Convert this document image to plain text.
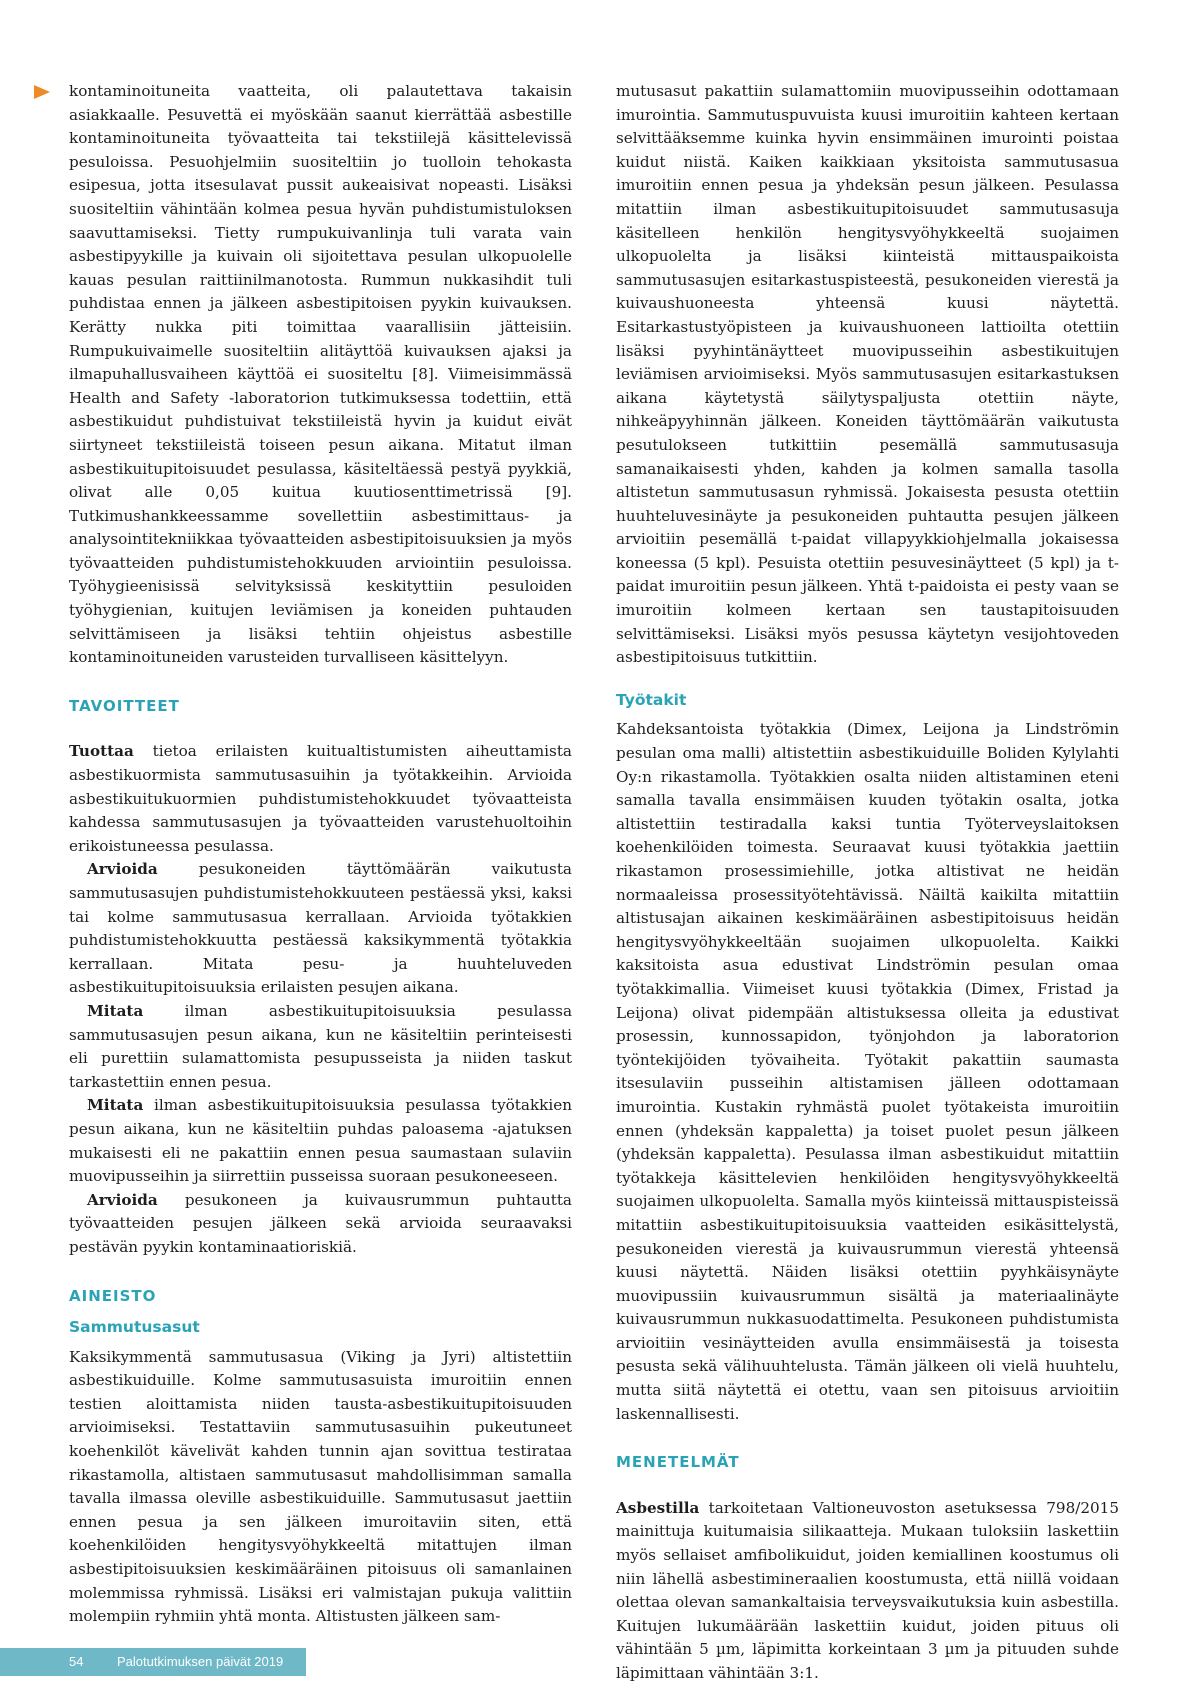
kontaminoituneita vaatteita, oli palautettava takaisin asiakkaalle. Pesuvettä ei myöskään saanut kierrättää asbestille kontaminoituneita työvaatteita tai tekstiilejä käsittelevissä pesuloissa. Pesuohjelmiin suositeltiin jo tuolloin tehokasta esipesua, jotta itsesulavat pussit aukeaisivat nopeasti. Lisäksi suositeltiin vähintään kolmea pesua hyvän puhdistumistuloksen saavuttamiseksi. Tietty rumpukuivanlinja tuli varata vain asbestipyykille ja kuivain oli sijoitettava pesulan ulkopuolelle kauas pesulan raittiinilmanotosta. Rummun nukkasihdit tuli puhdistaa ennen ja jälkeen asbestipitoisen pyykin kuivauksen. Kerätty nukka piti toimittaa vaarallisiin jätteisiin. Rumpukuivaimelle suositeltiin alitäyttöä kuivauksen ajaksi ja ilmapuhallusvaiheen käyttöä ei suositeltu [8]. Viimeisimmässä Health and Safety -laboratorion tutkimuksessa todettiin, että asbestikuidut puhdistuivat tekstiileistä hyvin ja kuidut eivät siirtyneet tekstiileistä toiseen pesun aikana. Mitatut ilman asbestikuitupitoisuudet pesulassa, käsiteltäessä pestyä pyykkiä, olivat alle 0,05 kuitua kuutiosenttimetrissä [9]. Tutkimushankkeessamme sovellettiin asbestimittaus- ja analysointitekniikkaa työvaatteiden asbestipitoisuuksien ja myös työvaatteiden puhdistumistehokkuuden arviointiin pesuloissa. Työhygieenisissä selvityksissä keskityttiin pesuloiden työhygienian, kuitujen leviämisen ja koneiden puhtauden selvittämiseen ja lisäksi tehtiin ohjeistus asbestille kontaminoituneiden varusteiden turvalliseen käsittelyyn.

TAVOITTEET

Tuottaa tietoa erilaisten kuitualtistumisten aiheuttamista asbestikuormista sammutusasuihin ja työtakkeihin. Arvioida asbestikuitukuormien puhdistumistehokkuudet työvaatteista kahdessa sammutusasujen ja työvaatteiden varustehuoltoihin erikoistuneessa pesulassa.

Arvioida pesukoneiden täyttömäärän vaikutusta sammutusasujen puhdistumistehokkuuteen pestäessä yksi, kaksi tai kolme sammutusasua kerrallaan. Arvioida työtakkien puhdistumistehokkuutta pestäessä kaksikymmentä työtakkia kerrallaan. Mitata pesu- ja huuhteluveden asbestikuitupitoisuuksia erilaisten pesujen aikana.

Mitata ilman asbestikuitupitoisuuksia pesulassa sammutusasujen pesun aikana, kun ne käsiteltiin perinteisesti eli purettiin sulamattomista pesupusseista ja niiden taskut tarkastettiin ennen pesua.

Mitata ilman asbestikuitupitoisuuksia pesulassa työtakkien pesun aikana, kun ne käsiteltiin puhdas paloasema -ajatuksen mukaisesti eli ne pakattiin ennen pesua saumastaan sulaviin muovipusseihin ja siirrettiin pusseissa suoraan pesukoneeseen.

Arvioida pesukoneen ja kuivausrummun puhtautta työvaatteiden pesujen jälkeen sekä arvioida seuraavaksi pestävän pyykin kontaminaatioriskiä.

AINEISTO
Sammutusasut

Kaksikymmentä sammutusasua (Viking ja Jyri) altistettiin asbestikuiduille. Kolme sammutusasuista imuroitiin ennen testien aloittamista niiden tausta-asbestikuitupitoisuuden arvioimiseksi. Testattaviin sammutusasuihin pukeutuneet koehenkilöt kävelivät kahden tunnin ajan sovittua testirataa rikastamolla, altistaen sammutusasut mahdollisimman samalla tavalla ilmassa oleville asbestikuiduille. Sammutusasut jaettiin ennen pesua ja sen jälkeen imuroitaviin siten, että koehenkilöiden hengitysvyöhykkeeltä mitattujen ilman asbestipitoisuuksien keskimääräinen pitoisuus oli samanlainen molemmissa ryhmissä. Lisäksi eri valmistajan pukuja valittiin molempiin ryhmiin yhtä monta. Altistusten jälkeen sam-

mutusasut pakattiin sulamattomiin muovipusseihin odottamaan imurointia. Sammutuspuvuista kuusi imuroitiin kahteen kertaan selvittääksemme kuinka hyvin ensimmäinen imurointi poistaa kuidut niistä. Kaiken kaikkiaan yksitoista sammutusasua imuroitiin ennen pesua ja yhdeksän pesun jälkeen. Pesulassa mitattiin ilman asbestikuitupitoisuudet sammutusasuja käsitelleen henkilön hengitysvyöhykkeeltä suojaimen ulkopuolelta ja lisäksi kiinteistä mittauspaikoista sammutusasujen esitarkastuspisteestä, pesukoneiden vierestä ja kuivaushuoneesta yhteensä kuusi näytettä. Esitarkastustyöpisteen ja kuivaushuoneen lattioilta otettiin lisäksi pyyhintänäytteet muovipusseihin asbestikuitujen leviämisen arvioimiseksi. Myös sammutusasujen esitarkastuksen aikana käytetystä säilytyspaljusta otettiin näyte, nihkeäpyyhinnän jälkeen. Koneiden täyttömäärän vaikutusta pesutulokseen tutkittiin pesemällä sammutusasuja samanaikaisesti yhden, kahden ja kolmen samalla tasolla altistetun sammutusasun ryhmissä. Jokaisesta pesusta otettiin huuhteluvesinäyte ja pesukoneiden puhtautta pesujen jälkeen arvioitiin pesemällä t-paidat villapyykkiohjelmalla jokaisessa koneessa (5 kpl). Pesuista otettiin pesuvesinäytteet (5 kpl) ja t-paidat imuroitiin pesun jälkeen. Yhtä t-paidoista ei pesty vaan se imuroitiin kolmeen kertaan sen taustapitoisuuden selvittämiseksi. Lisäksi myös pesussa käytetyn vesijohtoveden asbestipitoisuus tutkittiin.

Työtakit

Kahdeksantoista työtakkia (Dimex, Leijona ja Lindströmin pesulan oma malli) altistettiin asbestikuiduille Boliden Kylylahti Oy:n rikastamolla. Työtakkien osalta niiden altistaminen eteni samalla tavalla ensimmäisen kuuden työtakin osalta, jotka altistettiin testiradalla kaksi tuntia Työterveyslaitoksen koehenkilöiden toimesta. Seuraavat kuusi työtakkia jaettiin rikastamon prosessimiehille, jotka altistivat ne heidän normaaleissa prosessityötehtävissä. Näiltä kaikilta mitattiin altistusajan aikainen keskimääräinen asbestipitoisuus heidän hengitysvyöhykkeeltään suojaimen ulkopuolelta. Kaikki kaksitoista asua edustivat Lindströmin pesulan omaa työtakkimallia. Viimeiset kuusi työtakkia (Dimex, Fristad ja Leijona) olivat pidempään altistuksessa olleita ja edustivat prosessin, kunnossapidon, työnjohdon ja laboratorion työntekijöiden työvaiheita. Työtakit pakattiin saumasta itsesulaviin pusseihin altistamisen jälleen odottamaan imurointia. Kustakin ryhmästä puolet työtakeista imuroitiin ennen (yhdeksän kappaletta) ja toiset puolet pesun jälkeen (yhdeksän kappaletta). Pesulassa ilman asbestikuidut mitattiin työtakkeja käsittelevien henkilöiden hengitysvyöhykkeeltä suojaimen ulkopuolelta. Samalla myös kiinteissä mittauspisteissä mitattiin asbestikuitupitoisuuksia vaatteiden esikäsittelystä, pesukoneiden vierestä ja kuivausrummun vierestä yhteensä kuusi näytettä. Näiden lisäksi otettiin pyyhkäisynäyte muovipussiin kuivausrummun sisältä ja materiaalinäyte kuivausrummun nukkasuodattimelta. Pesukoneen puhdistumista arvioitiin vesinäytteiden avulla ensimmäisestä ja toisesta pesusta sekä välihuuhtelusta. Tämän jälkeen oli vielä huuhtelu, mutta siitä näytettä ei otettu, vaan sen pitoisuus arvioitiin laskennallisesti.

MENETELMÄT

Asbestilla tarkoitetaan Valtioneuvoston asetuksessa 798/2015 mainittuja kuitumaisia silikaatteja. Mukaan tuloksiin laskettiin myös sellaiset amfibolikuidut, joiden kemiallinen koostumus oli niin lähellä asbestimineraalien koostumusta, että niillä voidaan olettaa olevan samankaltaisia terveysvaikutuksia kuin asbestilla. Kuitujen lukumäärään laskettiin kuidut, joiden pituus oli vähintään 5 µm, läpimitta korkeintaan 3 µm ja pituuden suhde läpimittaan vähintään 3:1.

54	Palotutkimuksen päivät 2019
